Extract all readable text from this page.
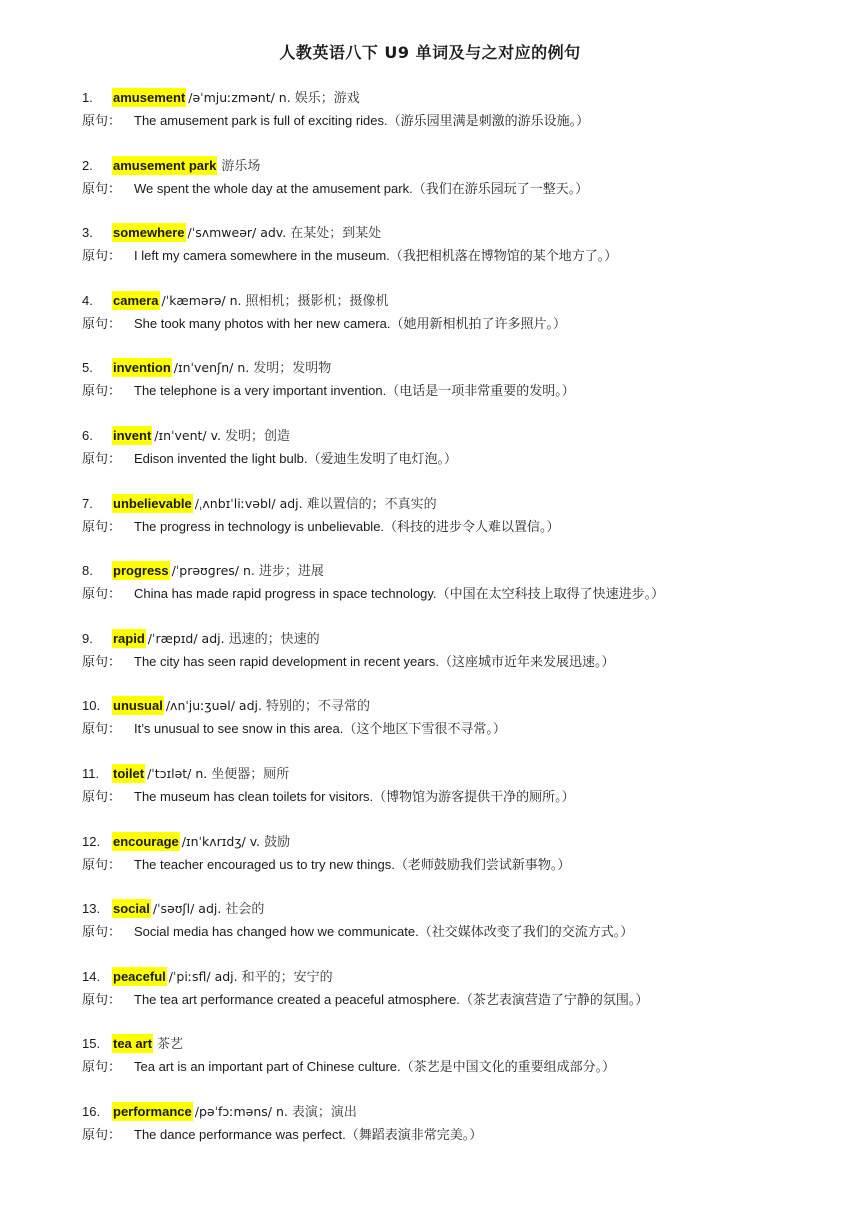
人教英语八下 U9 单词及与之对应的例句
1. amusement /əˈmjuːzmənt/ n. 娱乐；游戏
原句： The amusement park is full of exciting rides.（游乐园里满是刺激的游乐设施。）
2. amusement park 游乐场
原句： We spent the whole day at the amusement park.（我们在游乐园玩了一整天。）
3. somewhere /ˈsʌmweər/ adv. 在某处；到某处
原句： I left my camera somewhere in the museum.（我把相机落在博物馆的某个地方了。）
4. camera /ˈkæmərə/ n. 照相机；摄影机；摄像机
原句： She took many photos with her new camera.（她用新相机拍了许多照片。）
5. invention /ɪnˈvenʃn/ n. 发明；发明物
原句： The telephone is a very important invention.（电话是一项非常重要的发明。）
6. invent /ɪnˈvent/ v. 发明；创造
原句： Edison invented the light bulb.（爱迪生发明了电灯泡。）
7. unbelievable /ˌʌnbɪˈliːvəbl/ adj. 难以置信的；不真实的
原句： The progress in technology is unbelievable.（科技的进步令人难以置信。）
8. progress /ˈprəʊɡres/ n. 进步；进展
原句： China has made rapid progress in space technology.（中国在太空科技上取得了快速进步。）
9. rapid /ˈræpɪd/ adj. 迅速的；快速的
原句： The city has seen rapid development in recent years.（这座城市近年来发展迅速。）
10. unusual /ʌnˈjuːʒuəl/ adj. 特别的；不寻常的
原句： It’s unusual to see snow in this area.（这个地区下雪很不寻常。）
11. toilet /ˈtɔɪlət/ n. 坐便器；厕所
原句： The museum has clean toilets for visitors.（博物馆为游客提供干净的厕所。）
12. encourage /ɪnˈkʌrɪdʒ/ v. 鼓励
原句： The teacher encouraged us to try new things.（老师鼓励我们尝试新事物。）
13. social /ˈsəʊʃl/ adj. 社会的
原句： Social media has changed how we communicate.（社交媒体改变了我们的交流方式。）
14. peaceful /ˈpiːsfl/ adj. 和平的；安宁的
原句： The tea art performance created a peaceful atmosphere.（茶艺表演营造了宁静的氛围。）
15. tea art 茶艺
原句： Tea art is an important part of Chinese culture.（茶艺是中国文化的重要组成部分。）
16. performance /pəˈfɔːməns/ n. 表演；演出
原句： The dance performance was perfect.（舞蹈表演非常完美。）
